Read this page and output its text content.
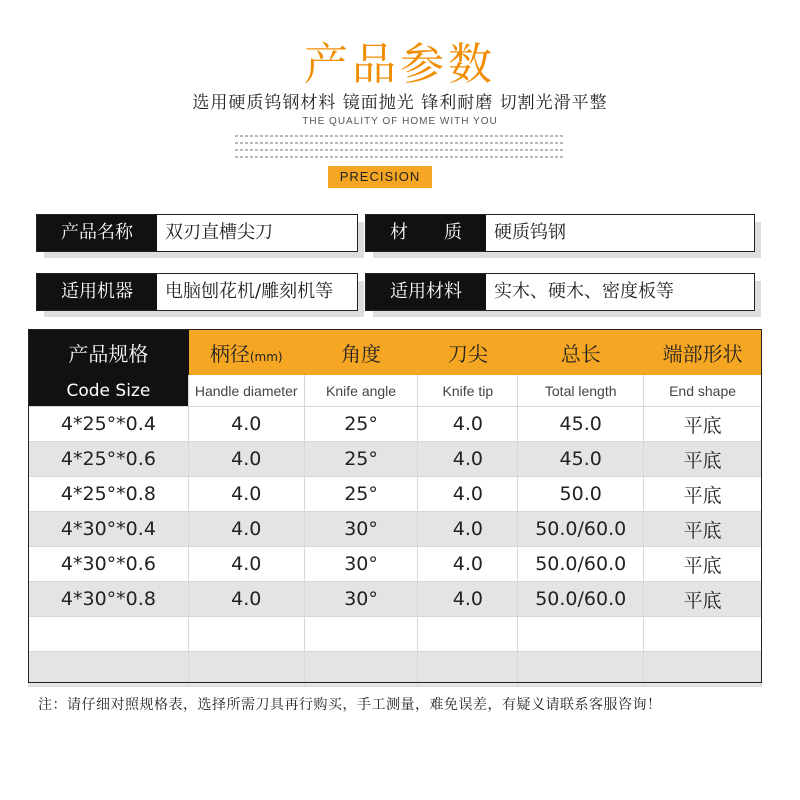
产品参数
选用硬质钨钢材料 镜面抛光 锋利耐磨 切割光滑平整
THE QUALITY OF HOME WITH YOU
PRECISION
产品名称	双刃直槽尖刀	材　　质	硬质钨钢
适用机器	电脑刨花机/雕刻机等	适用材料	实木、硬木、密度板等
产品规格	柄径(mm)	角度	刀尖	总长	端部形状
Code Size	Handle diameter	Knife angle	Knife tip	Total length	End shape
4*25°*0.4	4.0	25°	4.0	45.0	平底
4*25°*0.6	4.0	25°	4.0	45.0	平底
4*25°*0.8	4.0	25°	4.0	50.0	平底
4*30°*0.4	4.0	30°	4.0	50.0/60.0	平底
4*30°*0.6	4.0	30°	4.0	50.0/60.0	平底
4*30°*0.8	4.0	30°	4.0	50.0/60.0	平底

注：请仔细对照规格表，选择所需刀具再行购买，手工测量，难免误差，有疑义请联系客服咨询！
